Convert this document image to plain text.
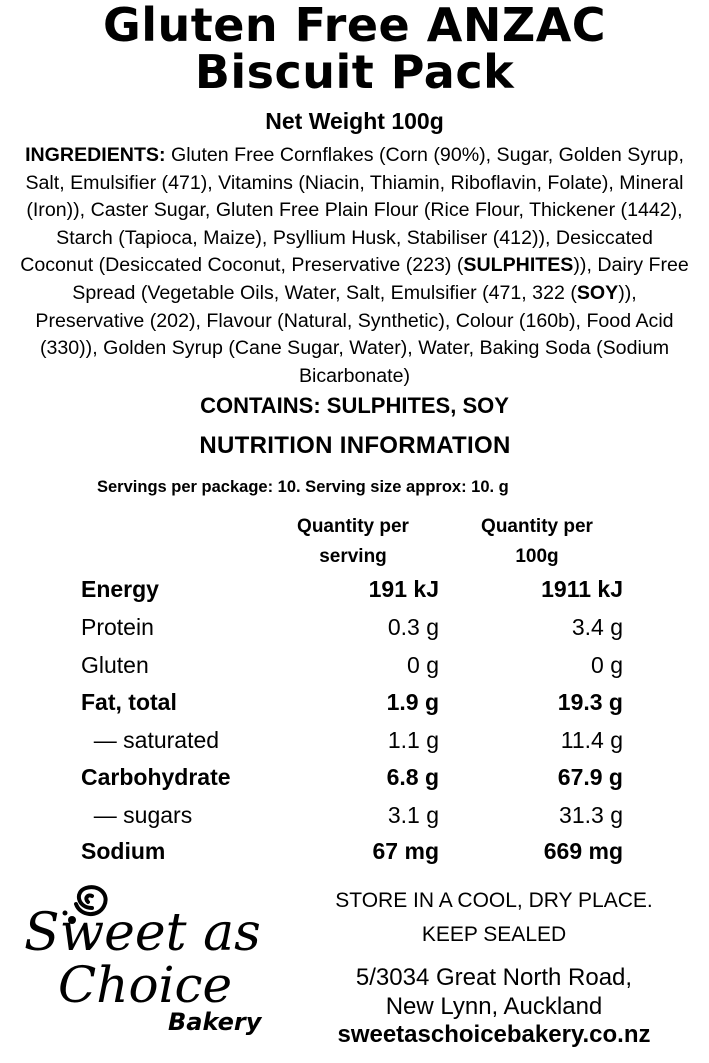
Gluten Free ANZAC
Biscuit Pack
Net Weight 100g
INGREDIENTS: Gluten Free Cornflakes (Corn (90%), Sugar, Golden Syrup, Salt, Emulsifier (471), Vitamins (Niacin, Thiamin, Riboflavin, Folate), Mineral (Iron)), Caster Sugar, Gluten Free Plain Flour (Rice Flour, Thickener (1442), Starch (Tapioca, Maize), Psyllium Husk, Stabiliser (412)), Desiccated Coconut (Desiccated Coconut, Preservative (223) (SULPHITES)), Dairy Free Spread (Vegetable Oils, Water, Salt, Emulsifier (471, 322 (SOY)), Preservative (202), Flavour (Natural, Synthetic), Colour (160b), Food Acid (330)), Golden Syrup (Cane Sugar, Water), Water, Baking Soda (Sodium Bicarbonate)
CONTAINS: SULPHITES, SOY
NUTRITION INFORMATION
Servings per package: 10. Serving size approx: 10. g
Quantity per
serving
Quantity per
100g
Energy	191 kJ	1911 kJ
Protein	0.3 g	3.4 g
Gluten	0 g	0 g
Fat, total	1.9 g	19.3 g
— saturated	1.1 g	11.4 g
Carbohydrate	6.8 g	67.9 g
— sugars	3.1 g	31.3 g
Sodium	67 mg	669 mg
Sweet as
Choice
Bakery
STORE IN A COOL, DRY PLACE.
KEEP SEALED
5/3034 Great North Road,
New Lynn, Auckland
sweetaschoicebakery.co.nz
